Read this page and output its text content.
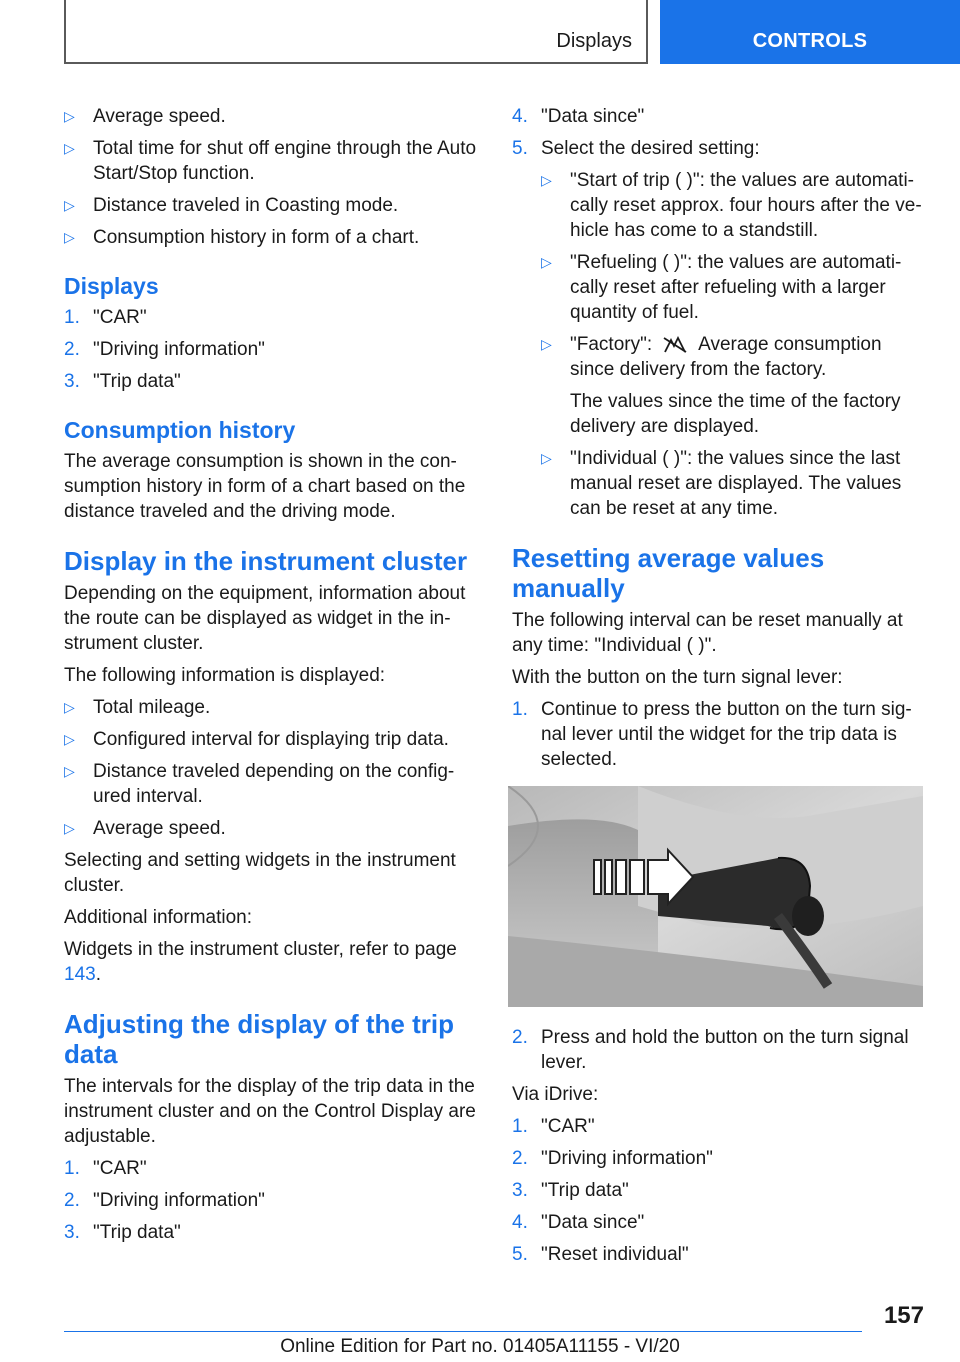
Displays	CONTROLS
▷ Average speed.
▷ Total time for shut off engine through the Auto Start/Stop function.
▷ Distance traveled in Coasting mode.
▷ Consumption history in form of a chart.
Displays
1. "CAR"
2. "Driving information"
3. "Trip data"
Consumption history
The average consumption is shown in the con‐sumption history in form of a chart based on the distance traveled and the driving mode.
Display in the instrument cluster
Depending on the equipment, information about the route can be displayed as widget in the in‐strument cluster.
The following information is displayed:
▷ Total mileage.
▷ Configured interval for displaying trip data.
▷ Distance traveled depending on the config‐ured interval.
▷ Average speed.
Selecting and setting widgets in the instrument cluster.
Additional information:
Widgets in the instrument cluster, refer to page 143.
Adjusting the display of the trip data
The intervals for the display of the trip data in the instrument cluster and on the Control Display are adjustable.
1. "CAR"
2. "Driving information"
3. "Trip data"
4. "Data since"
5. Select the desired setting:
▷ "Start of trip ( )": the values are automati‐cally reset approx. four hours after the ve‐hicle has come to a standstill.
▷ "Refueling ( )": the values are automati‐cally reset after refueling with a larger quantity of fuel.
▷ "Factory": Average consumption since delivery from the factory.
The values since the time of the factory delivery are displayed.
▷ "Individual ( )": the values since the last manual reset are displayed. The values can be reset at any time.
Resetting average values manually
The following interval can be reset manually at any time: "Individual ( )".
With the button on the turn signal lever:
1. Continue to press the button on the turn sig‐nal lever until the widget for the trip data is selected.
2. Press and hold the button on the turn signal lever.
Via iDrive:
1. "CAR"
2. "Driving information"
3. "Trip data"
4. "Data since"
5. "Reset individual"
157
Online Edition for Part no. 01405A11155 - VI/20
